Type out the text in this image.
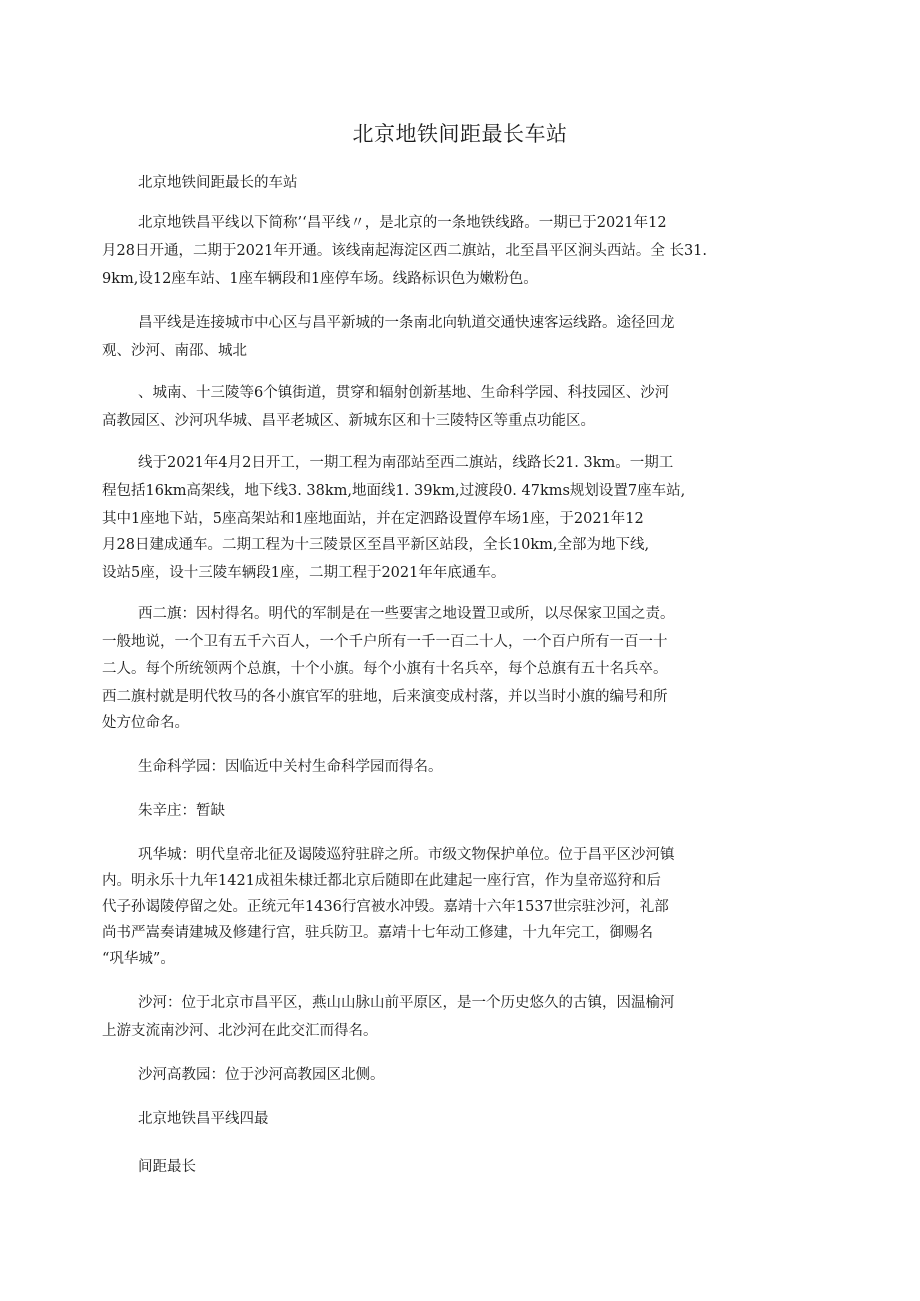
北京地铁间距最长车站

北京地铁间距最长的车站

北京地铁昌平线以下简称’‘昌平线〃，是北京的一条地铁线路。一期已于2021年12

月28日开通，二期于2021年开通。该线南起海淀区西二旗站，北至昌平区涧头西站。全 长31.

9km,设12座车站、1座车辆段和1座停车场。线路标识色为嫩粉色。

昌平线是连接城市中心区与昌平新城的一条南北向轨道交通快速客运线路。途径回龙

观、沙河、南邵、城北

、城南、十三陵等6个镇街道，贯穿和辐射创新基地、生命科学园、科技园区、沙河

高教园区、沙河巩华城、昌平老城区、新城东区和十三陵特区等重点功能区。

线于2021年4月2日开工，一期工程为南邵站至西二旗站，线路长21. 3km。一期工

程包括16km高架线，地下线3. 38km,地面线1. 39km,过渡段0. 47kms规划设置7座车站,

其中1座地下站，5座高架站和1座地面站，并在定泗路设置停车场1座，于2021年12

月28日建成通车。二期工程为十三陵景区至昌平新区站段，全长10km,全部为地下线,

设站5座，设十三陵车辆段1座，二期工程于2021年年底通车。

西二旗：因村得名。明代的军制是在一些要害之地设置卫或所，以尽保家卫国之责。

一般地说，一个卫有五千六百人，一个千户所有一千一百二十人，一个百户所有一百一十

二人。每个所统领两个总旗，十个小旗。每个小旗有十名兵卒，每个总旗有五十名兵卒。

西二旗村就是明代牧马的各小旗官军的驻地，后来演变成村落，并以当时小旗的编号和所

处方位命名。

生命科学园：因临近中关村生命科学园而得名。

朱辛庄：暂缺

巩华城：明代皇帝北征及谒陵巡狩驻辟之所。市级文物保护单位。位于昌平区沙河镇

内。明永乐十九年1421成祖朱棣迁都北京后随即在此建起一座行宫，作为皇帝巡狩和后

代子孙谒陵停留之处。正统元年1436行宫被水冲毁。嘉靖十六年1537世宗驻沙河，礼部

尚书严嵩奏请建城及修建行宫，驻兵防卫。嘉靖十七年动工修建，十九年完工，御赐名

“巩华城”。

沙河：位于北京市昌平区，燕山山脉山前平原区，是一个历史悠久的古镇，因温榆河

上游支流南沙河、北沙河在此交汇而得名。

沙河高教园：位于沙河高教园区北侧。

北京地铁昌平线四最

间距最长
